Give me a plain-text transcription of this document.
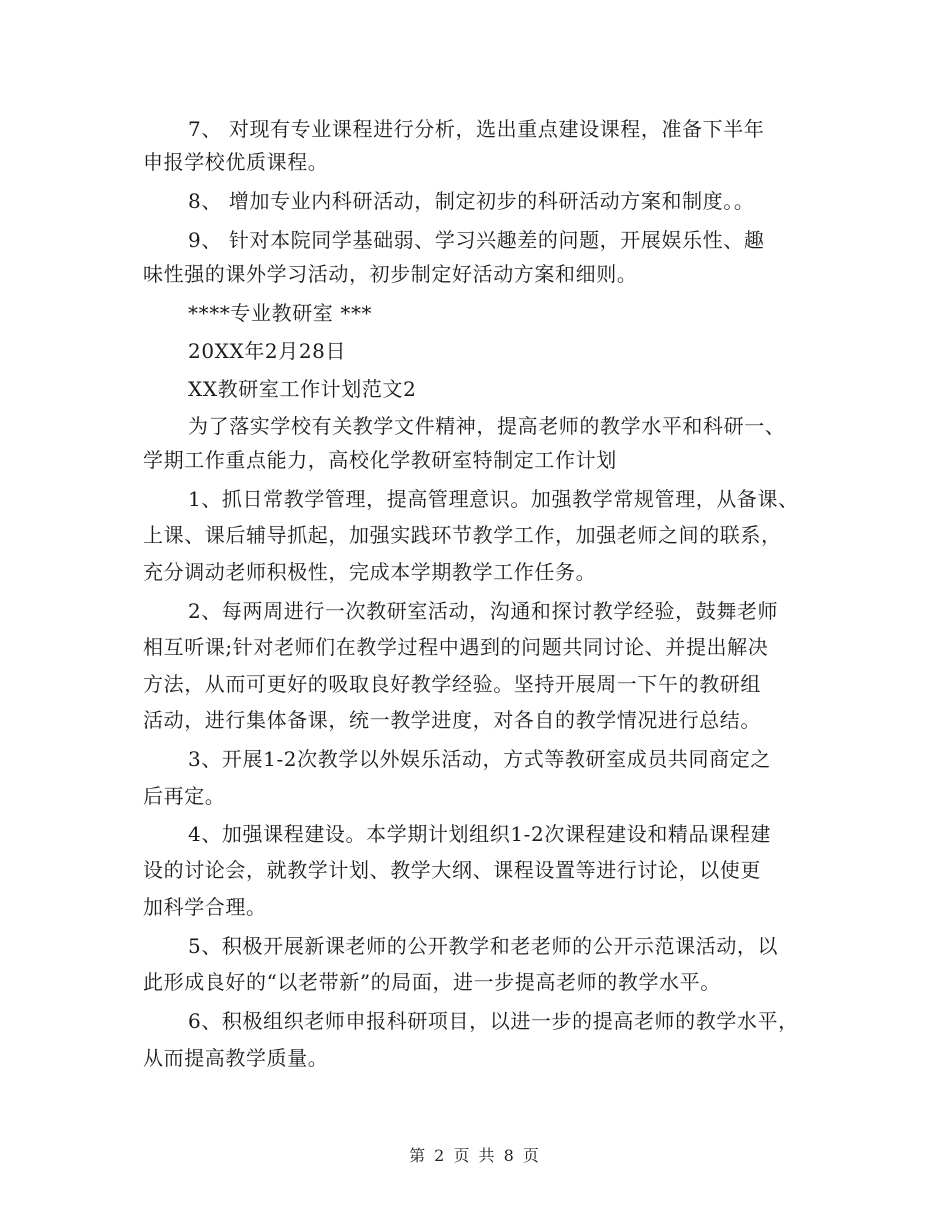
7、 对现有专业课程进行分析，选出重点建设课程，准备下半年
申报学校优质课程。
8、 增加专业内科研活动，制定初步的科研活动方案和制度。。
9、 针对本院同学基础弱、学习兴趣差的问题，开展娱乐性、趣
味性强的课外学习活动，初步制定好活动方案和细则。
****专业教研室 ***
20XX年2月28日
XX教研室工作计划范文2
为了落实学校有关教学文件精神，提高老师的教学水平和科研一、
学期工作重点能力，高校化学教研室特制定工作计划
1、抓日常教学管理，提高管理意识。加强教学常规管理，从备课、
上课、课后辅导抓起，加强实践环节教学工作，加强老师之间的联系，
充分调动老师积极性，完成本学期教学工作任务。
2、每两周进行一次教研室活动，沟通和探讨教学经验，鼓舞老师
相互听课;针对老师们在教学过程中遇到的问题共同讨论、并提出解决
方法，从而可更好的吸取良好教学经验。坚持开展周一下午的教研组
活动，进行集体备课，统一教学进度，对各自的教学情况进行总结。
3、开展1-2次教学以外娱乐活动，方式等教研室成员共同商定之
后再定。
4、加强课程建设。本学期计划组织1-2次课程建设和精品课程建
设的讨论会，就教学计划、教学大纲、课程设置等进行讨论，以使更
加科学合理。
5、积极开展新课老师的公开教学和老老师的公开示范课活动，以
此形成良好的“以老带新”的局面，进一步提高老师的教学水平。
6、积极组织老师申报科研项目，以进一步的提高老师的教学水平，
从而提高教学质量。
第 2 页 共 8 页
